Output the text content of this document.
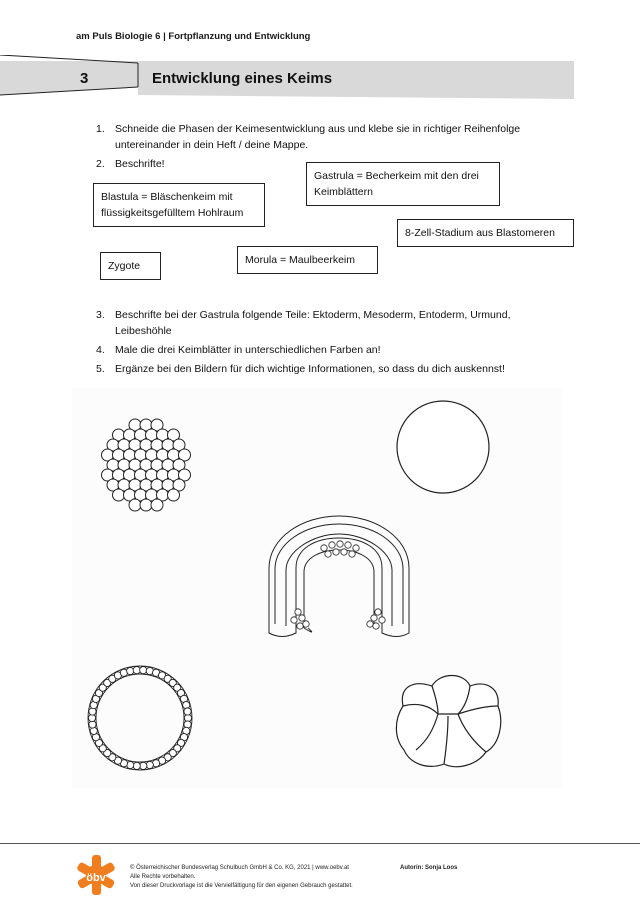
am Puls Biologie 6 | Fortpflanzung und Entwicklung
3	Entwicklung eines Keims
1. Schneide die Phasen der Keimesentwicklung aus und klebe sie in richtiger Reihenfolge untereinander in dein Heft / deine Mappe.
2. Beschrifte!
Gastrula = Becherkeim mit den drei Keimblättern
Blastula = Bläschenkeim mit flüssigkeitsgefülltem Hohlraum
8-Zell-Stadium aus Blastomeren
Morula = Maulbeerkeim
Zygote
3. Beschrifte bei der Gastrula folgende Teile: Ektoderm, Mesoderm, Entoderm, Urmund, Leibeshöhle
4. Male die drei Keimblätter in unterschiedlichen Farben an!
5. Ergänze bei den Bildern für dich wichtige Informationen, so dass du dich auskennst!
öbv
© Österreichischer Bundesverlag Schulbuch GmbH & Co. KG, 2021 | www.oebv.at
Alle Rechte vorbehalten.
Von dieser Druckvorlage ist die Vervielfältigung für den eigenen Gebrauch gestattet.
Autorin: Sonja Loos
